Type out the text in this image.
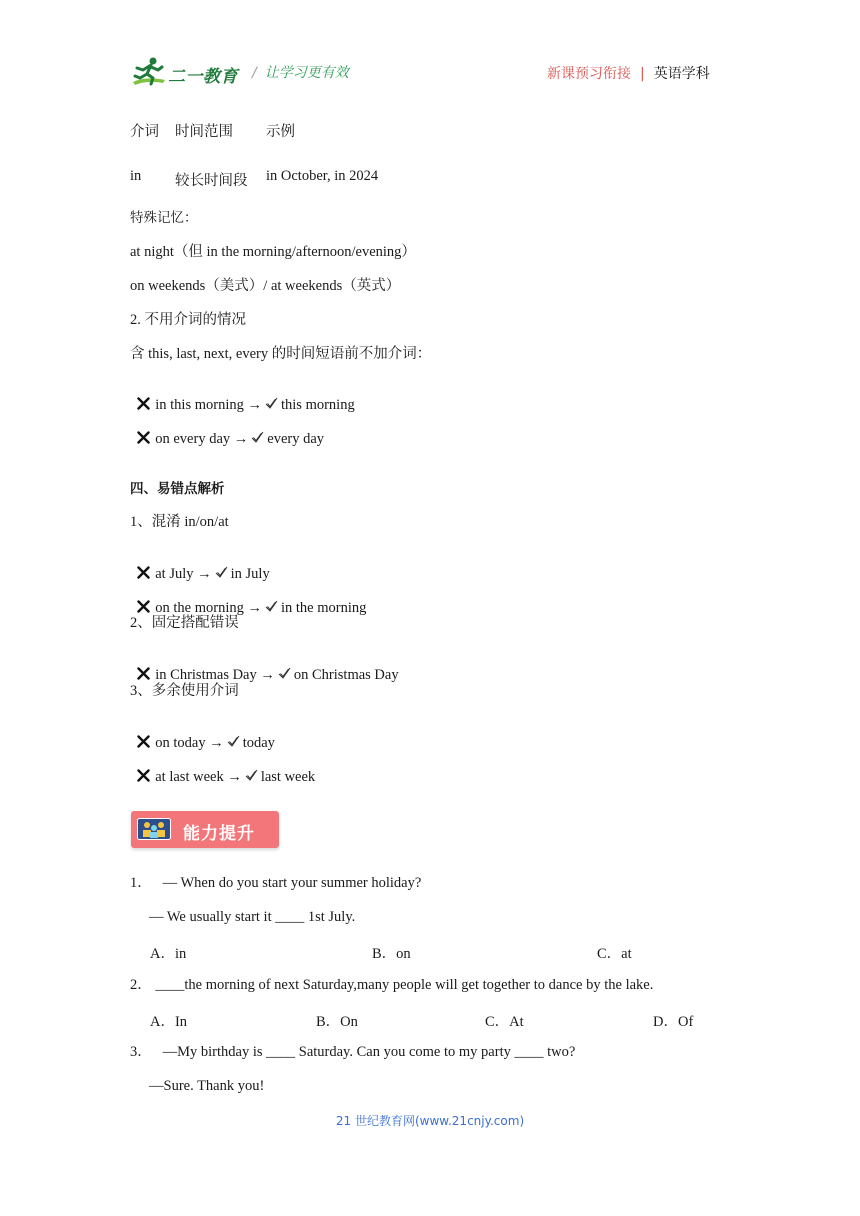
二一教育 / 让学习更有效	新课预习衔接 | 英语学科
介词 时间范围 示例
in 较长时间段 in October, in 2024
特殊记忆：
at night（但 in the morning/afternoon/evening）
on weekends（美式）/ at weekends（英式）
2. 不用介词的情况
含 this, last, next, every 的时间短语前不加介词：

in this morning → this morning

on every day → every day

四、易错点解析
1、混淆 in/on/at

at July → in July

on the morning → in the morning

2、固定搭配错误

in Christmas Day → on Christmas Day

3、多余使用介词

on today → today

at last week → last week

能力提升
1． — When do you start your summer holiday?
— We usually start it ____ 1st July.
A．in	B．on	C．at
2． ____the morning of next Saturday,many people will get together to dance by the lake.
A．In	B．On	C．At	D．Of
3． —My birthday is ____ Saturday. Can you come to my party ____ two?
—Sure. Thank you!
21 世纪教育网(www.21cnjy.com)
